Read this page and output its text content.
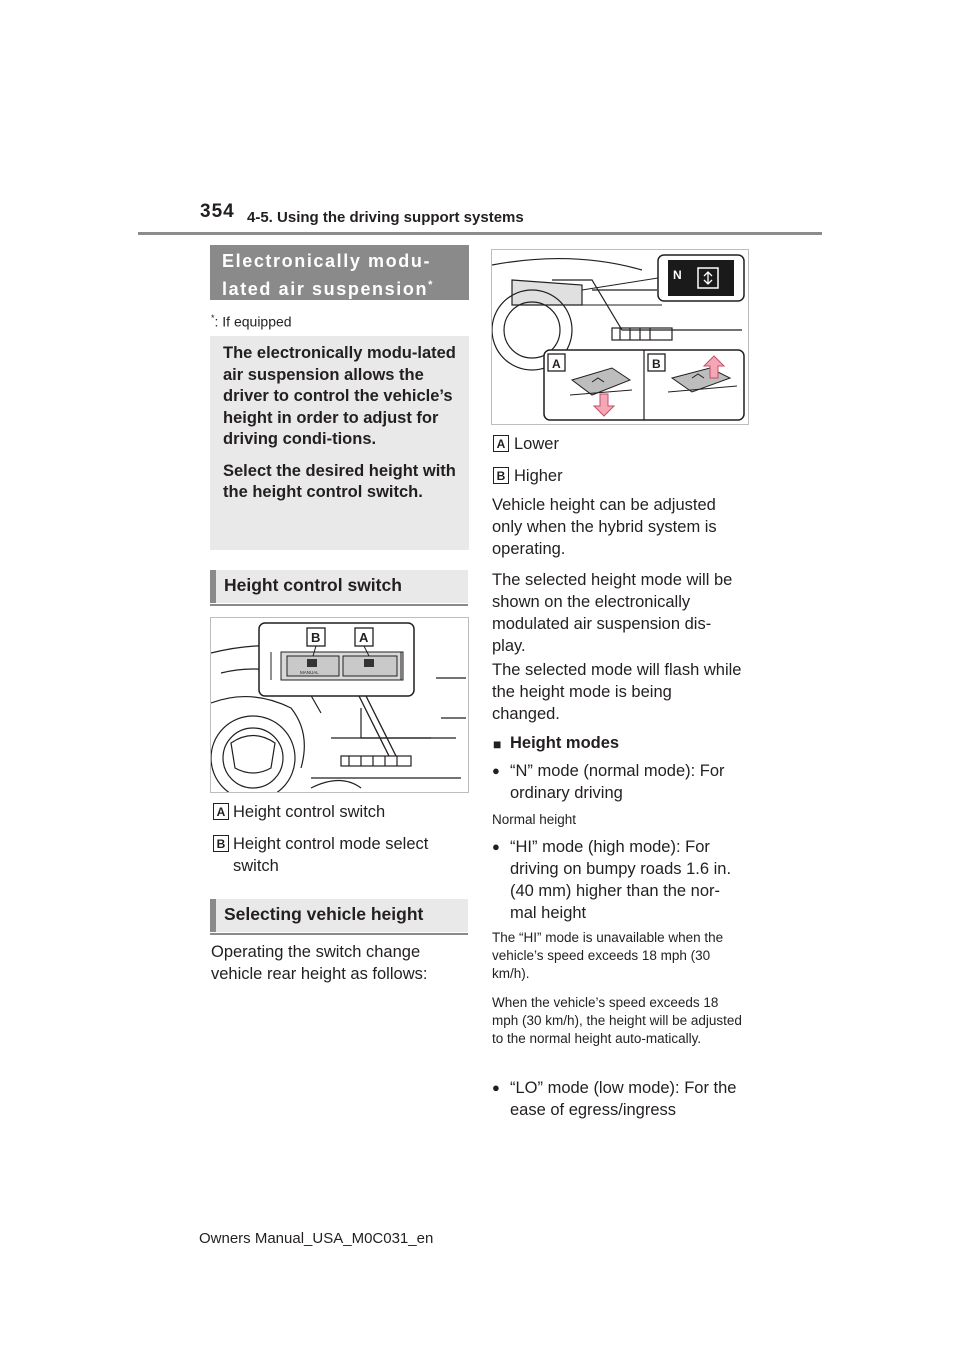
354 4-5. Using the driving support systems
Electronically modu-
lated air suspension*
*: If equipped

The electronically modu-lated air suspension allows the driver to control the vehicle’s height in order to adjust for driving condi-tions.

Select the desired height with the height control switch.

Height control switch
B	A
MANUAL
A Height control switch
B Height control mode select switch
Selecting vehicle height
Operating the switch change vehicle rear height as follows:
N
A	B
A Lower
B Higher
Vehicle height can be adjusted only when the hybrid system is operating.
The selected height mode will be shown on the electronically modulated air suspension dis-play.
The selected mode will flash while the height mode is being changed.
■ Height modes
● “N” mode (normal mode): For ordinary driving
Normal height
● “HI” mode (high mode): For driving on bumpy roads 1.6 in. (40 mm) higher than the nor-mal height
The “HI” mode is unavailable when the vehicle’s speed exceeds 18 mph (30 km/h).
When the vehicle’s speed exceeds 18 mph (30 km/h), the height will be adjusted to the normal height auto-matically.
● “LO” mode (low mode): For the ease of egress/ingress
Owners Manual_USA_M0C031_en
